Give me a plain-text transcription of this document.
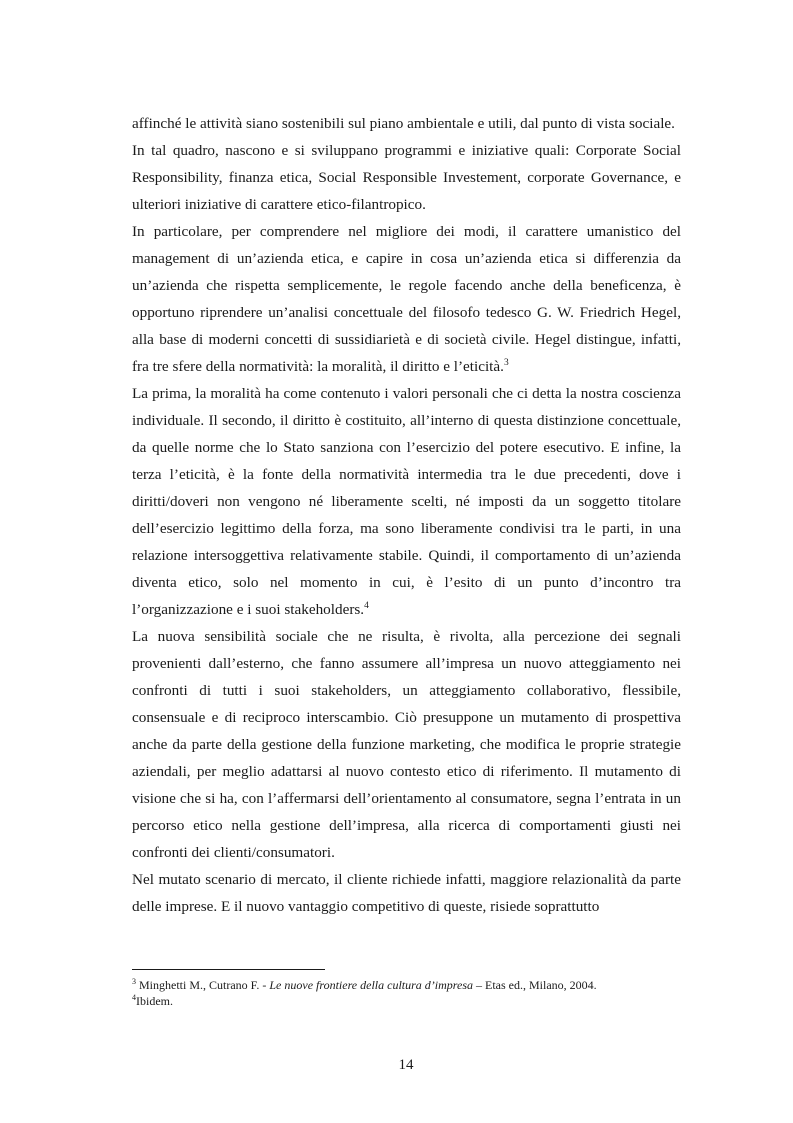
affinché le attività siano sostenibili sul piano ambientale e utili, dal punto di vista sociale.

In tal quadro, nascono e si sviluppano programmi e iniziative quali: Corporate Social Responsibility, finanza etica, Social Responsible Investement, corporate Governance, e ulteriori iniziative di carattere etico-filantropico.

In particolare, per comprendere nel migliore dei modi, il carattere umanistico del management di un’azienda etica, e capire in cosa un’azienda etica si differenzia da un’azienda che rispetta semplicemente, le regole facendo anche della beneficenza, è opportuno riprendere un’analisi concettuale del filosofo tedesco G. W. Friedrich Hegel, alla base di moderni concetti di sussidiarietà e di società civile. Hegel distingue, infatti, fra tre sfere della normatività: la moralità, il diritto e l’eticità.$^3$

La prima, la moralità ha come contenuto i valori personali che ci detta la nostra coscienza individuale. Il secondo, il diritto è costituito, all’interno di questa distinzione concettuale, da quelle norme che lo Stato sanziona con l’esercizio del potere esecutivo. E infine, la terza l’eticità, è la fonte della normatività intermedia tra le due precedenti, dove i diritti/doveri non vengono né liberamente scelti, né imposti da un soggetto titolare dell’esercizio legittimo della forza, ma sono liberamente condivisi tra le parti, in una relazione intersoggettiva relativamente stabile. Quindi, il comportamento di un’azienda diventa etico, solo nel momento in cui, è l’esito di un punto d’incontro tra l’organizzazione e i suoi stakeholders.$^4$

La nuova sensibilità sociale che ne risulta, è rivolta, alla percezione dei segnali provenienti dall’esterno, che fanno assumere all’impresa un nuovo atteggiamento nei confronti di tutti i suoi stakeholders, un atteggiamento collaborativo, flessibile, consensuale e di reciproco interscambio. Ciò presuppone un mutamento di prospettiva anche da parte della gestione della funzione marketing, che modifica le proprie strategie aziendali, per meglio adattarsi al nuovo contesto etico di riferimento. Il mutamento di visione che si ha, con l’affermarsi dell’orientamento al consumatore, segna l’entrata in un percorso etico nella gestione dell’impresa, alla ricerca di comportamenti giusti nei confronti dei clienti/consumatori.

Nel mutato scenario di mercato, il cliente richiede infatti, maggiore relazionalità da parte delle imprese. E il nuovo vantaggio competitivo di queste, risiede soprattutto

$^3$ Minghetti M., Cutrano F. - Le nuove frontiere della cultura d’impresa – Etas ed., Milano, 2004.

$^4$Ibidem.

14
